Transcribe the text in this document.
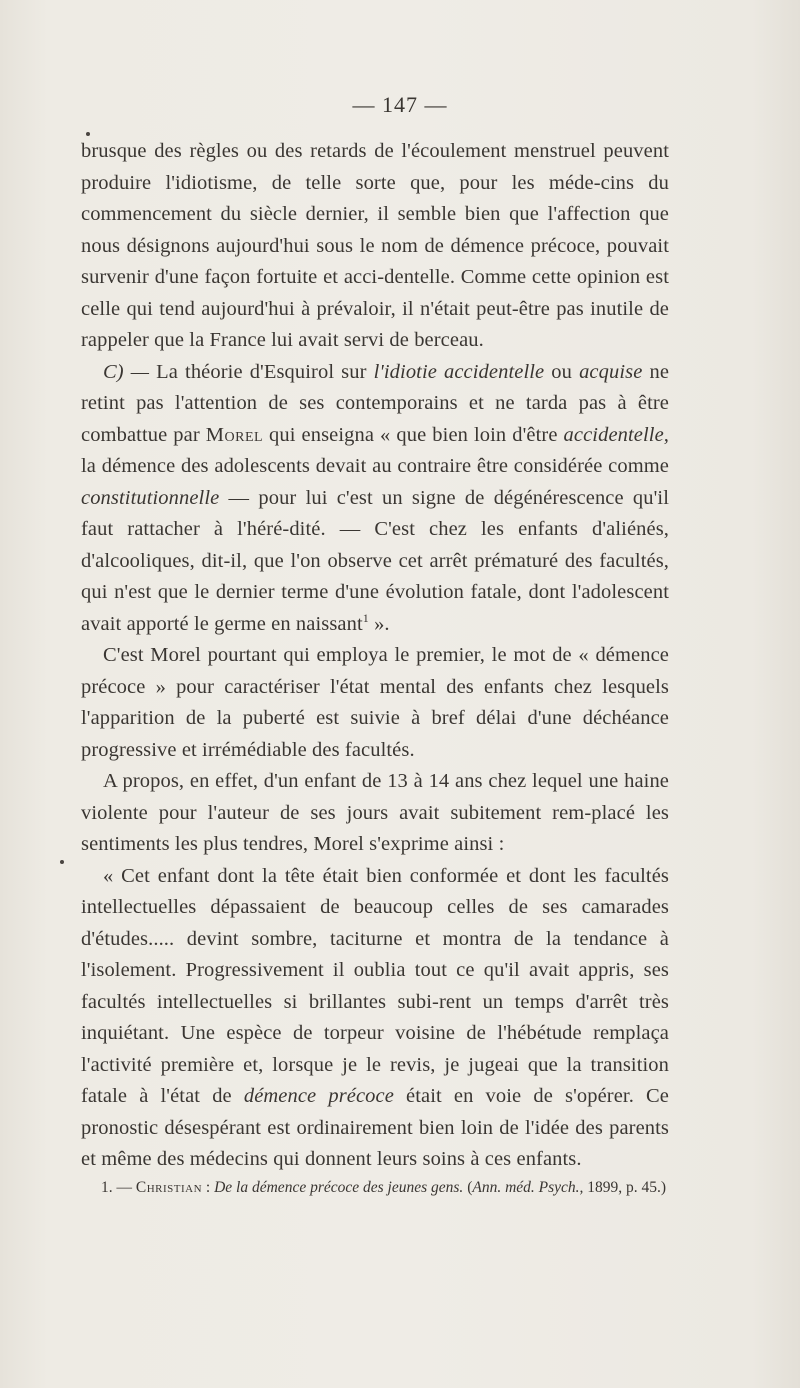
— 147 —

brusque des règles ou des retards de l'écoulement menstruel peuvent produire l'idiotisme, de telle sorte que, pour les méde-cins du commencement du siècle dernier, il semble bien que l'affection que nous désignons aujourd'hui sous le nom de démence précoce, pouvait survenir d'une façon fortuite et acci-dentelle. Comme cette opinion est celle qui tend aujourd'hui à prévaloir, il n'était peut-être pas inutile de rappeler que la France lui avait servi de berceau.

C) — La théorie d'Esquirol sur l'idiotie accidentelle ou acquise ne retint pas l'attention de ses contemporains et ne tarda pas à être combattue par Morel qui enseigna « que bien loin d'être accidentelle, la démence des adolescents devait au contraire être considérée comme constitutionnelle — pour lui c'est un signe de dégénérescence qu'il faut rattacher à l'héré-dité. — C'est chez les enfants d'aliénés, d'alcooliques, dit-il, que l'on observe cet arrêt prématuré des facultés, qui n'est que le dernier terme d'une évolution fatale, dont l'adolescent avait apporté le germe en naissant$^1$ ».

C'est Morel pourtant qui employa le premier, le mot de « démence précoce » pour caractériser l'état mental des enfants chez lesquels l'apparition de la puberté est suivie à bref délai d'une déchéance progressive et irrémédiable des facultés.

A propos, en effet, d'un enfant de 13 à 14 ans chez lequel une haine violente pour l'auteur de ses jours avait subitement rem-placé les sentiments les plus tendres, Morel s'exprime ainsi :

« Cet enfant dont la tête était bien conformée et dont les facultés intellectuelles dépassaient de beaucoup celles de ses camarades d'études..... devint sombre, taciturne et montra de la tendance à l'isolement. Progressivement il oublia tout ce qu'il avait appris, ses facultés intellectuelles si brillantes subi-rent un temps d'arrêt très inquiétant. Une espèce de torpeur voisine de l'hébétude remplaça l'activité première et, lorsque je le revis, je jugeai que la transition fatale à l'état de démence précoce était en voie de s'opérer. Ce pronostic désespérant est ordinairement bien loin de l'idée des parents et même des médecins qui donnent leurs soins à ces enfants.

1. — Christian : De la démence précoce des jeunes gens. (Ann. méd. Psych., 1899, p. 45.)
